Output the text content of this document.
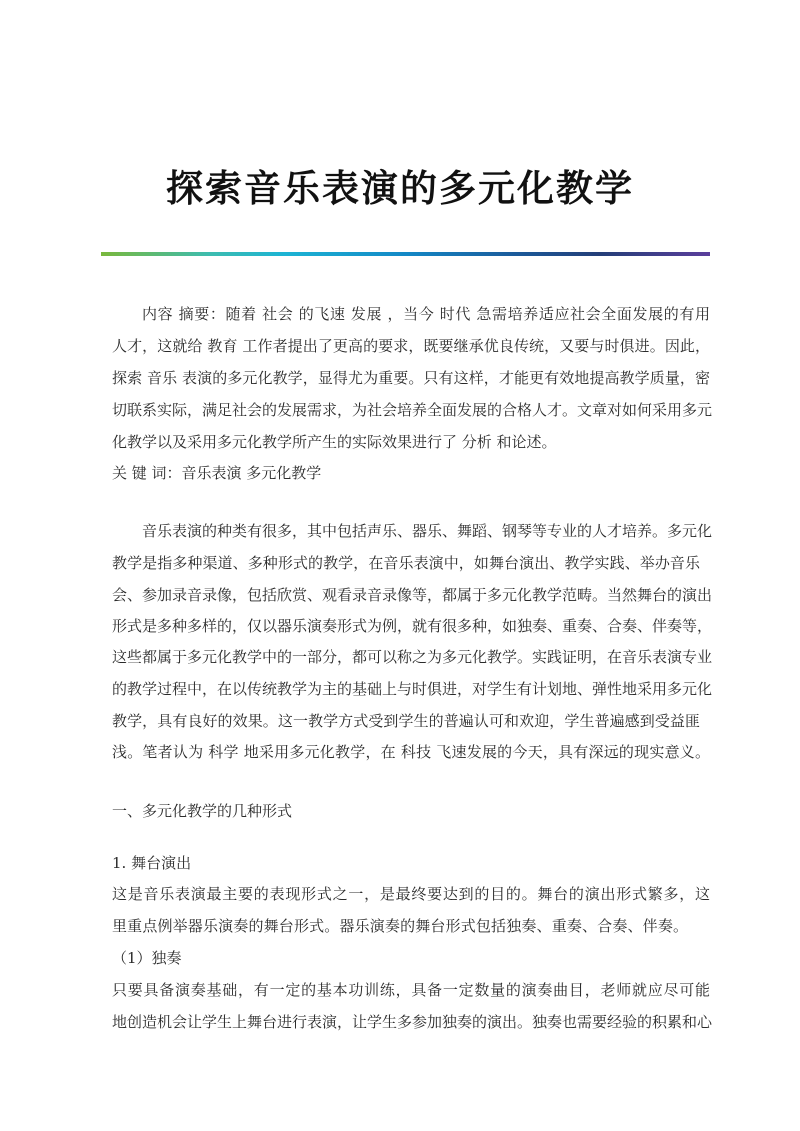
探索音乐表演的多元化教学
内容 摘要：随着 社会 的飞速 发展 ，当今 时代 急需培养适应社会全面发展的有用
人才，这就给 教育 工作者提出了更高的要求，既要继承优良传统，又要与时俱进。因此，
探索 音乐 表演的多元化教学，显得尤为重要。只有这样，才能更有效地提高教学质量，密
切联系实际，满足社会的发展需求，为社会培养全面发展的合格人才。文章对如何采用多元
化教学以及采用多元化教学所产生的实际效果进行了 分析 和论述。
关 键 词：音乐表演 多元化教学
音乐表演的种类有很多，其中包括声乐、器乐、舞蹈、钢琴等专业的人才培养。多元化
教学是指多种渠道、多种形式的教学，在音乐表演中，如舞台演出、教学实践、举办音乐
会、参加录音录像，包括欣赏、观看录音录像等，都属于多元化教学范畴。当然舞台的演出
形式是多种多样的，仅以器乐演奏形式为例，就有很多种，如独奏、重奏、合奏、伴奏等，
这些都属于多元化教学中的一部分，都可以称之为多元化教学。实践证明，在音乐表演专业
的教学过程中，在以传统教学为主的基础上与时俱进，对学生有计划地、弹性地采用多元化
教学，具有良好的效果。这一教学方式受到学生的普遍认可和欢迎，学生普遍感到受益匪
浅。笔者认为 科学 地采用多元化教学，在 科技 飞速发展的今天，具有深远的现实意义。
一、多元化教学的几种形式
1. 舞台演出
这是音乐表演最主要的表现形式之一，是最终要达到的目的。舞台的演出形式繁多，这
里重点例举器乐演奏的舞台形式。器乐演奏的舞台形式包括独奏、重奏、合奏、伴奏。
（1）独奏
只要具备演奏基础，有一定的基本功训练，具备一定数量的演奏曲目，老师就应尽可能
地创造机会让学生上舞台进行表演，让学生多参加独奏的演出。独奏也需要经验的积累和心
